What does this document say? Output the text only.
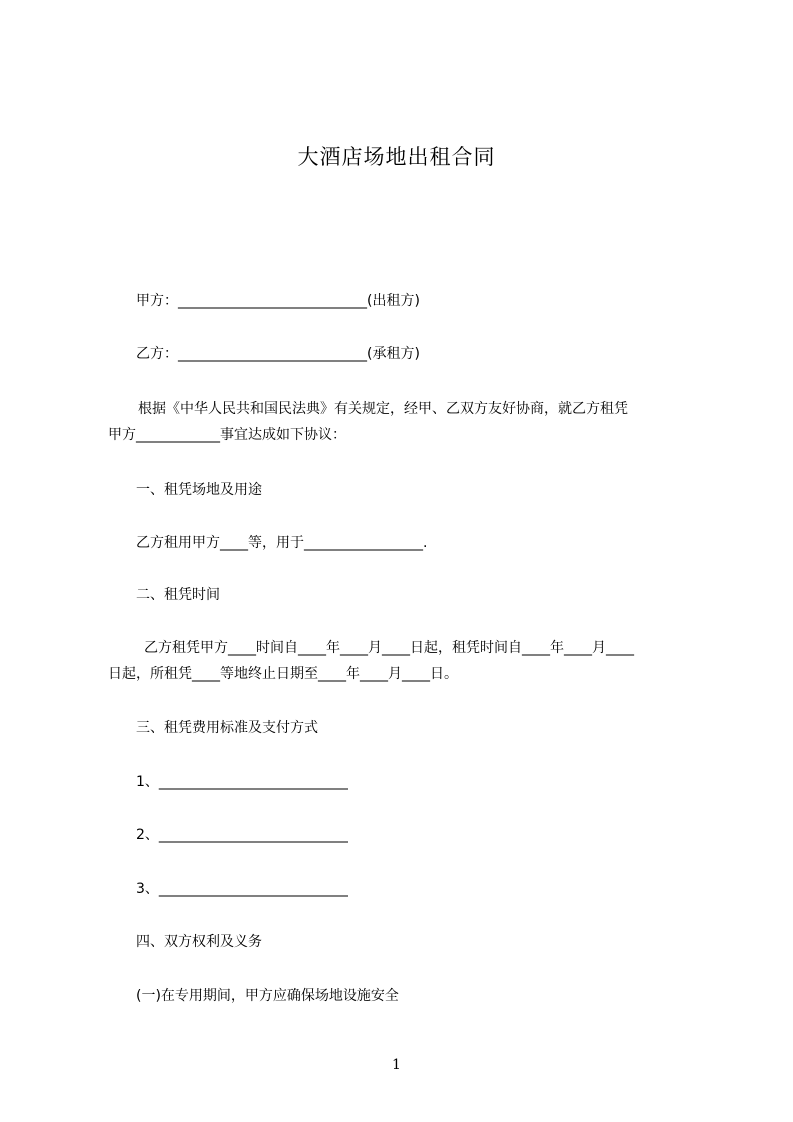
大酒店场地出租合同
甲方：___________________________(出租方)
乙方：___________________________(承租方)
根据《中华人民共和国民法典》有关规定，经甲、乙双方友好协商，就乙方租凭
甲方____________事宜达成如下协议：
一、租凭场地及用途
乙方租用甲方____等，用于_________________.
二、租凭时间
乙方租凭甲方____时间自____年____月____日起，租凭时间自____年____月____
日起，所租凭____等地终止日期至____年____月____日。
三、租凭费用标准及支付方式
1、___________________________
2、___________________________
3、___________________________
四、双方权利及义务
(一)在专用期间，甲方应确保场地设施安全
1
